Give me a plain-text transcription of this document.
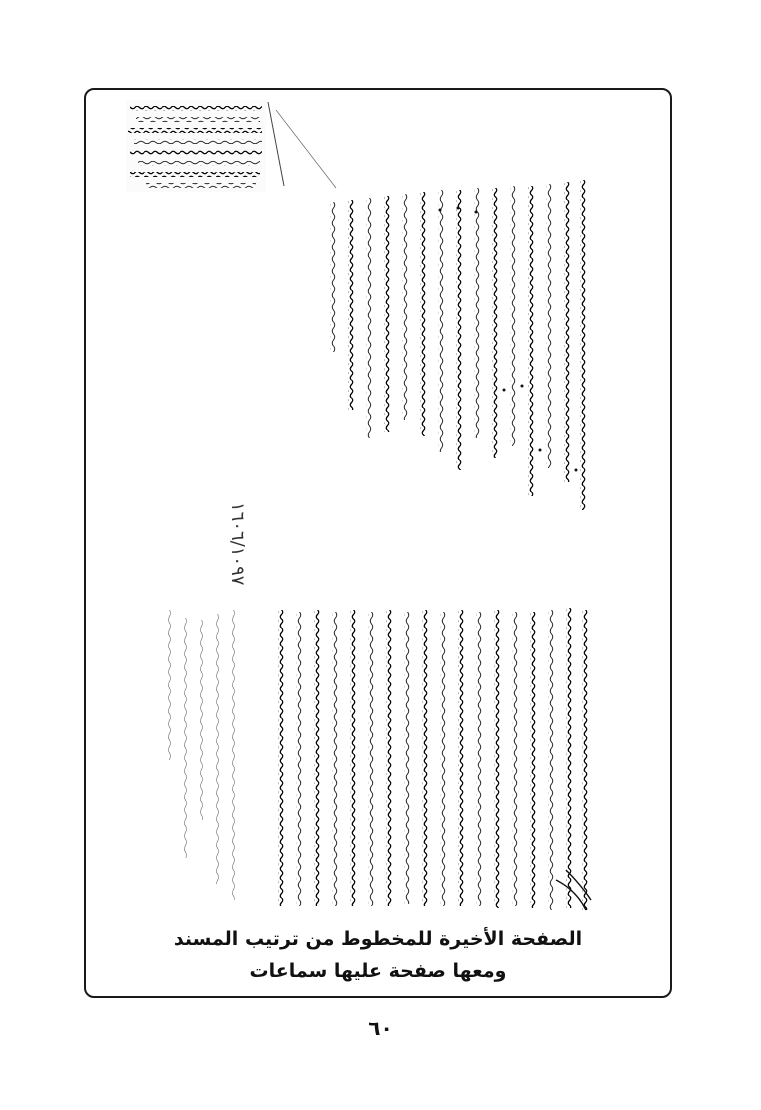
١٦٠٦/١٠٩٧
الصفحة الأخيرة للمخطوط من ترتيب المسند
ومعها صفحة عليها سماعات
٦٠
